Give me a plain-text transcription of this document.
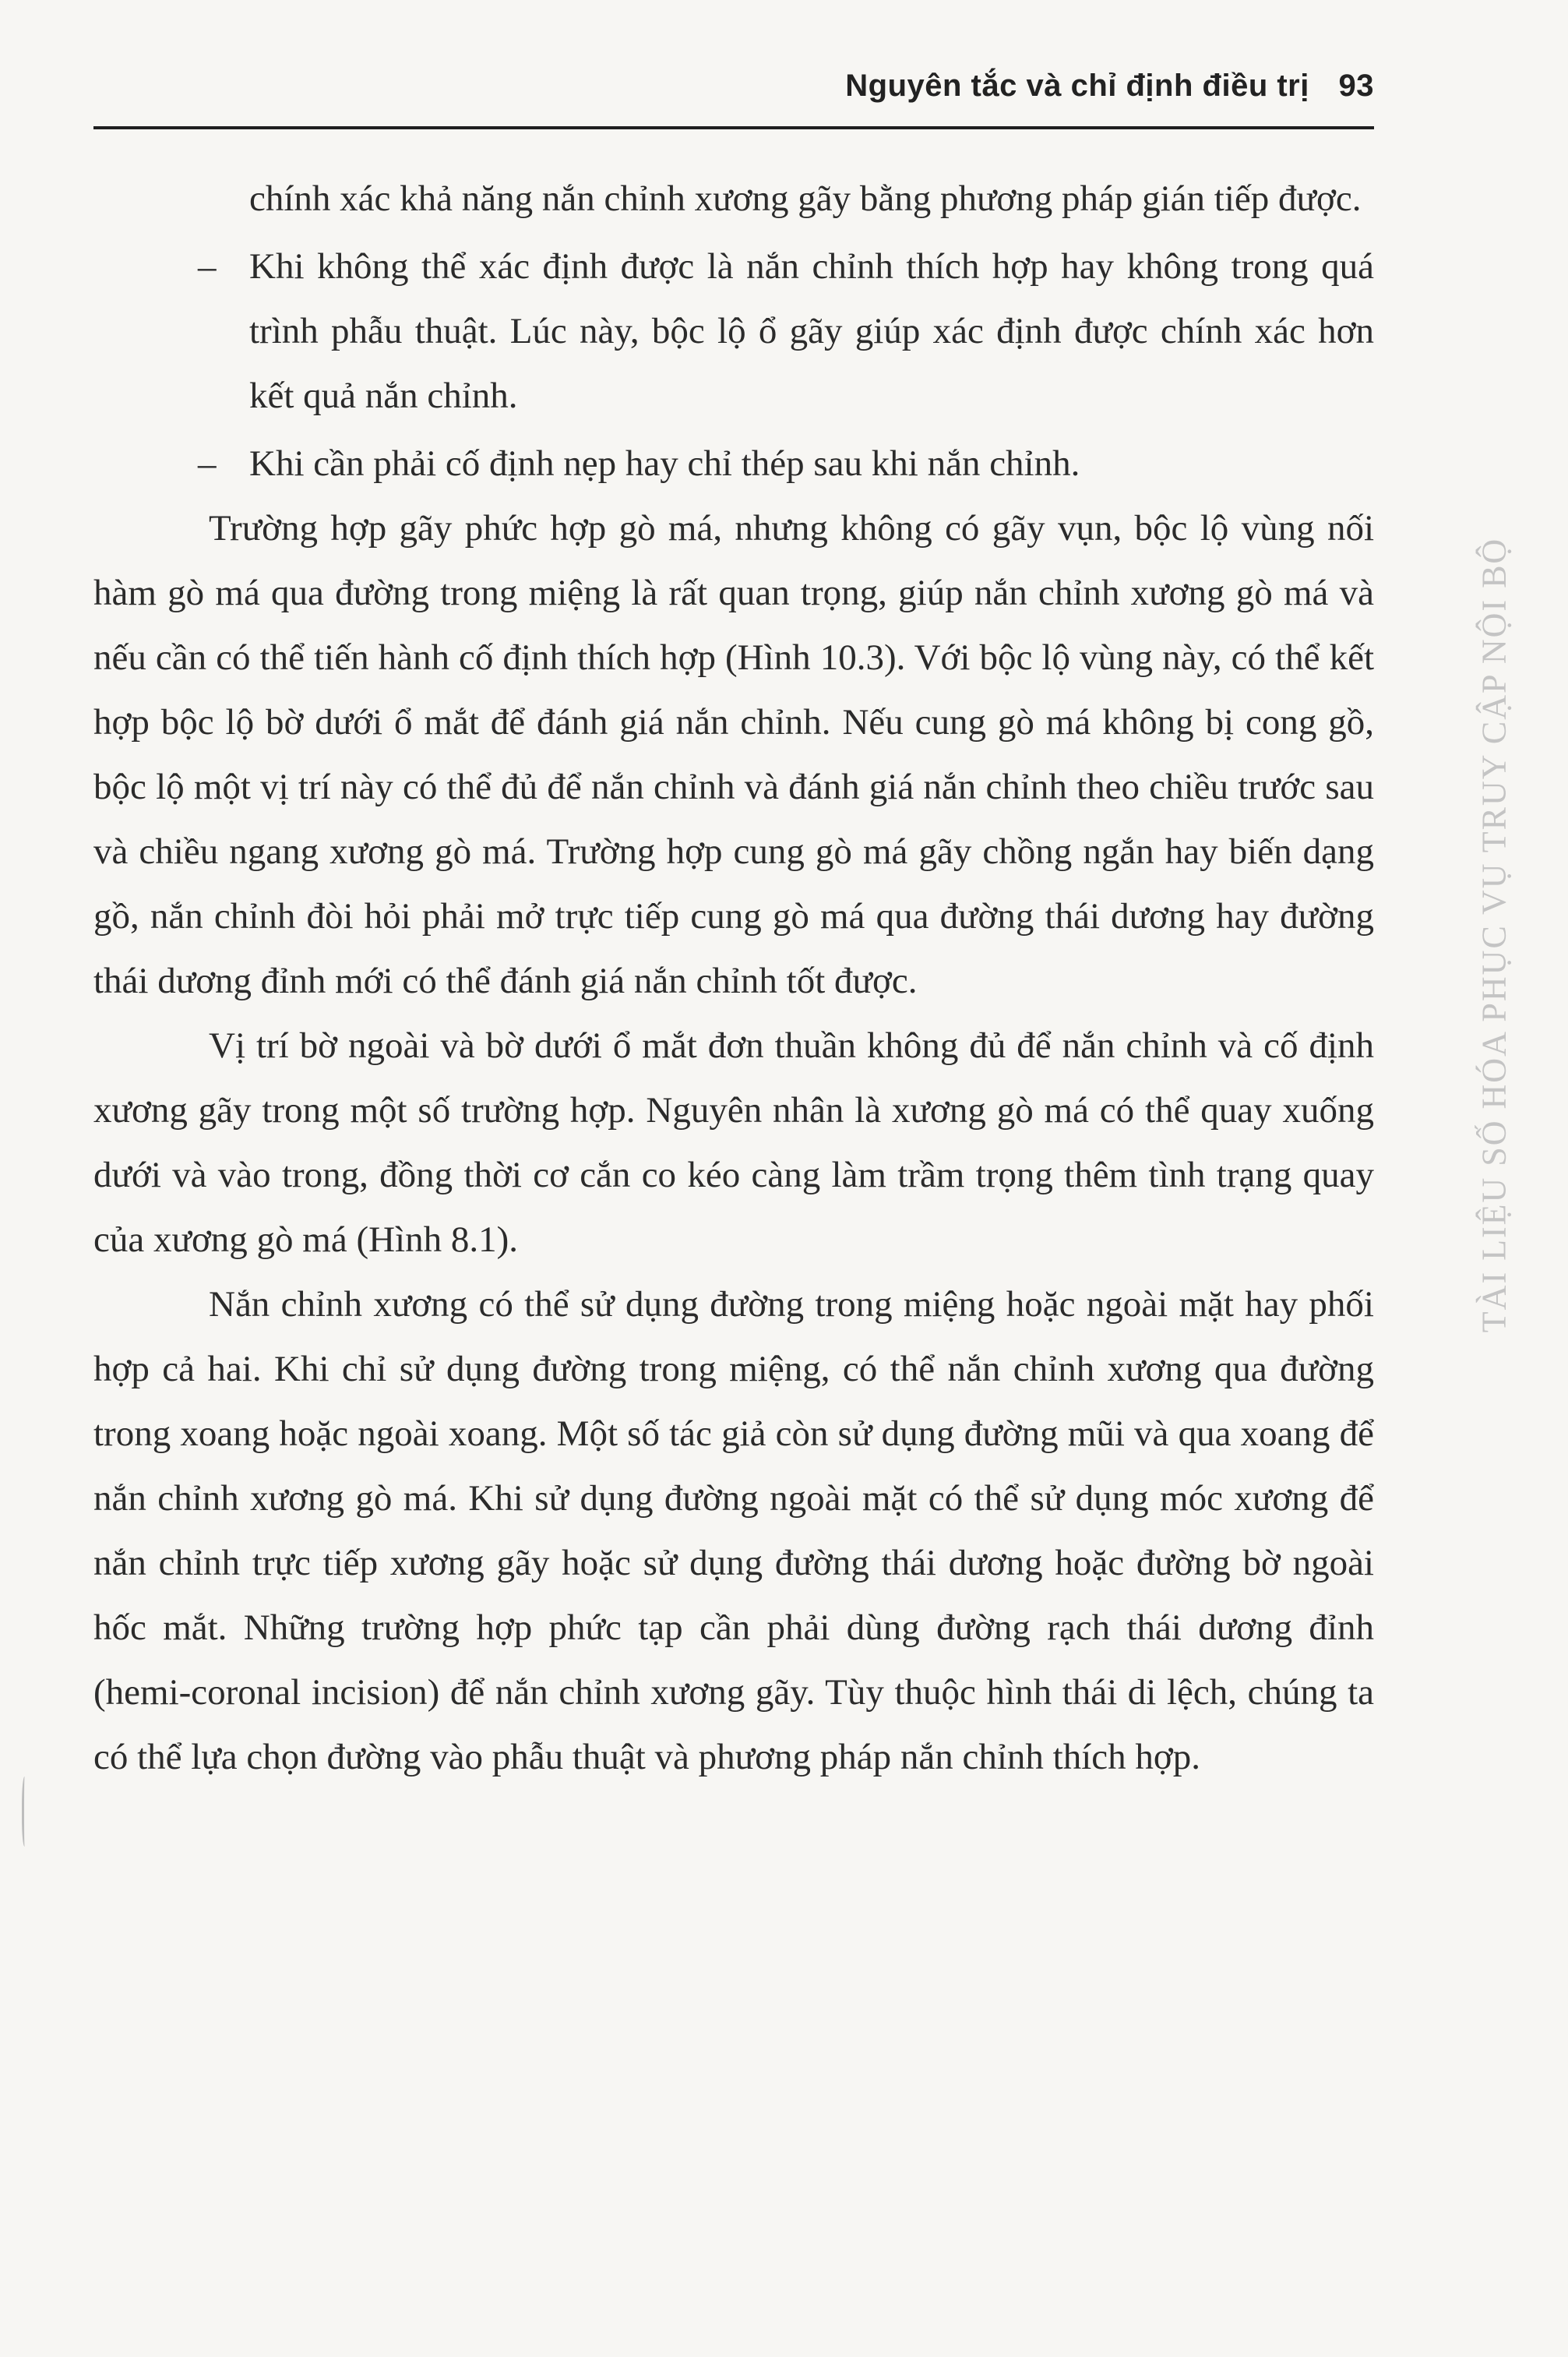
Nguyên tắc và chỉ định điều trị 93

chính xác khả năng nắn chỉnh xương gãy bằng phương pháp gián tiếp được.

– Khi không thể xác định được là nắn chỉnh thích hợp hay không trong quá trình phẫu thuật. Lúc này, bộc lộ ổ gãy giúp xác định được chính xác hơn kết quả nắn chỉnh.
– Khi cần phải cố định nẹp hay chỉ thép sau khi nắn chỉnh.

Trường hợp gãy phức hợp gò má, nhưng không có gãy vụn, bộc lộ vùng nối hàm gò má qua đường trong miệng là rất quan trọng, giúp nắn chỉnh xương gò má và nếu cần có thể tiến hành cố định thích hợp (Hình 10.3). Với bộc lộ vùng này, có thể kết hợp bộc lộ bờ dưới ổ mắt để đánh giá nắn chỉnh. Nếu cung gò má không bị cong gồ, bộc lộ một vị trí này có thể đủ để nắn chỉnh và đánh giá nắn chỉnh theo chiều trước sau và chiều ngang xương gò má. Trường hợp cung gò má gãy chồng ngắn hay biến dạng gồ, nắn chỉnh đòi hỏi phải mở trực tiếp cung gò má qua đường thái dương hay đường thái dương đỉnh mới có thể đánh giá nắn chỉnh tốt được.

Vị trí bờ ngoài và bờ dưới ổ mắt đơn thuần không đủ để nắn chỉnh và cố định xương gãy trong một số trường hợp. Nguyên nhân là xương gò má có thể quay xuống dưới và vào trong, đồng thời cơ cắn co kéo càng làm trầm trọng thêm tình trạng quay của xương gò má (Hình 8.1).

Nắn chỉnh xương có thể sử dụng đường trong miệng hoặc ngoài mặt hay phối hợp cả hai. Khi chỉ sử dụng đường trong miệng, có thể nắn chỉnh xương qua đường trong xoang hoặc ngoài xoang. Một số tác giả còn sử dụng đường mũi và qua xoang để nắn chỉnh xương gò má. Khi sử dụng đường ngoài mặt có thể sử dụng móc xương để nắn chỉnh trực tiếp xương gãy hoặc sử dụng đường thái dương hoặc đường bờ ngoài hốc mắt. Những trường hợp phức tạp cần phải dùng đường rạch thái dương đỉnh (hemi-coronal incision) để nắn chỉnh xương gãy. Tùy thuộc hình thái di lệch, chúng ta có thể lựa chọn đường vào phẫu thuật và phương pháp nắn chỉnh thích hợp.

TÀI LIỆU SỐ HÓA PHỤC VỤ TRUY CẬP NỘI BỘ
